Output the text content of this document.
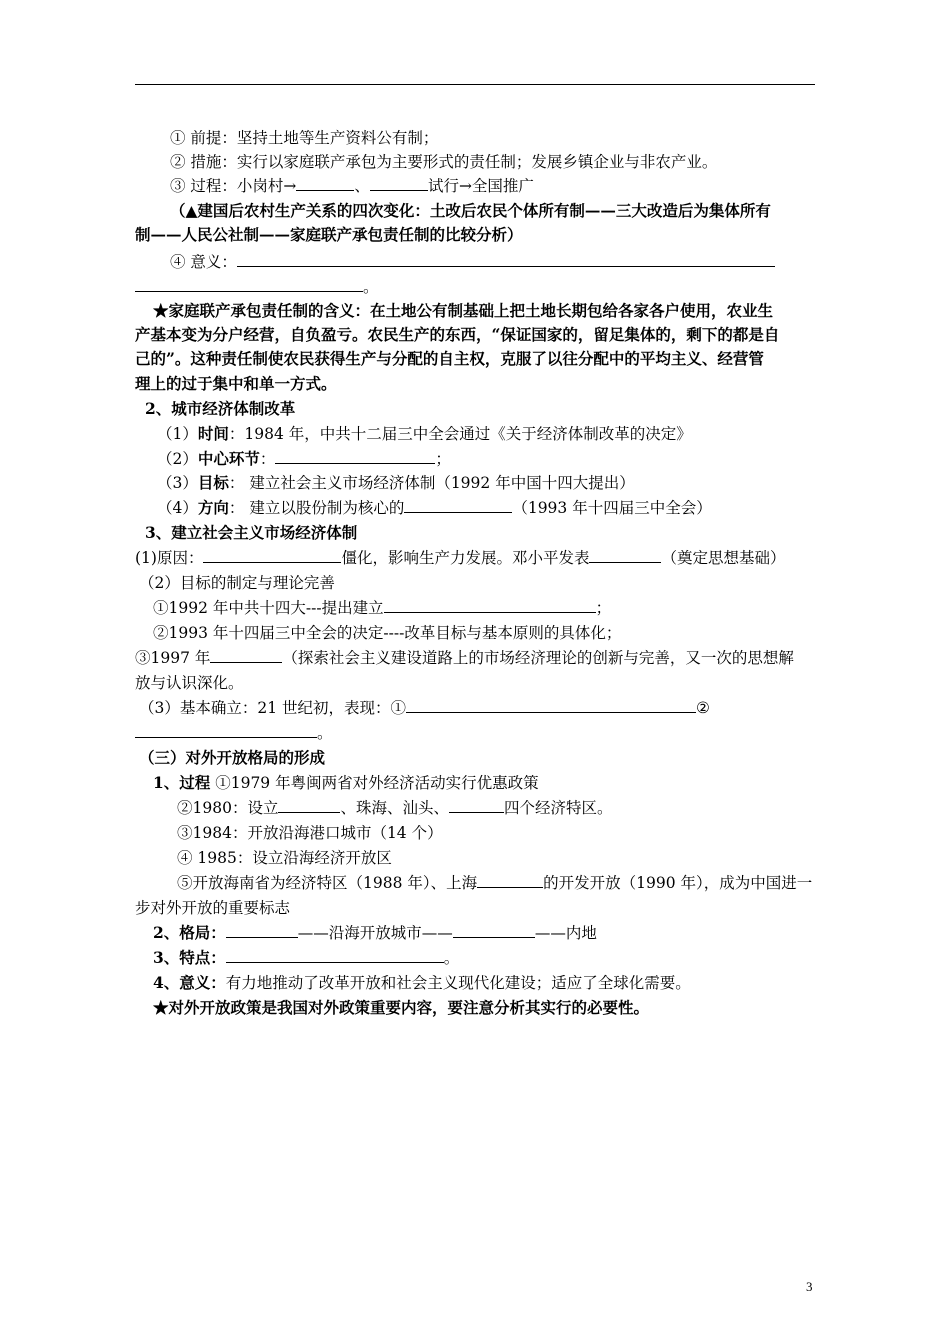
① 前提：坚持土地等生产资料公有制；
② 措施：实行以家庭联产承包为主要形式的责任制；发展乡镇企业与非农产业。
③ 过程：小岗村→	、	试行→全国推广
（▲建国后农村生产关系的四次变化：土改后农民个体所有制——三大改造后为集体所有
制——人民公社制——家庭联产承包责任制的比较分析）
④ 意义：
。
★家庭联产承包责任制的含义：在土地公有制基础上把土地长期包给各家各户使用，农业生
产基本变为分户经营，自负盈亏。农民生产的东西，“保证国家的，留足集体的，剩下的都是自
己的”。这种责任制使农民获得生产与分配的自主权，克服了以往分配中的平均主义、经营管
理上的过于集中和单一方式。
2、城市经济体制改革
（1）时间：1984 年，中共十二届三中全会通过《关于经济体制改革的决定》
（2）中心环节：	；
（3）目标： 建立社会主义市场经济体制（1992 年中国十四大提出）
（4）方向： 建立以股份制为核心的	（1993 年十四届三中全会）
3、建立社会主义市场经济体制
(1)原因：	僵化，影响生产力发展。邓小平发表	（奠定思想基础）
（2）目标的制定与理论完善
①1992 年中共十四大---提出建立	；
②1993 年十四届三中全会的决定----改革目标与基本原则的具体化；
③1997 年	（探索社会主义建设道路上的市场经济理论的创新与完善，又一次的思想解
放与认识深化。
（3）基本确立：21 世纪初，表现：①	②
。
（三）对外开放格局的形成
1、过程 ①1979 年粤闽两省对外经济活动实行优惠政策
②1980：设立	、珠海、汕头、	四个经济特区。
③1984：开放沿海港口城市（14 个）
④ 1985：设立沿海经济开放区
⑤开放海南省为经济特区（1988 年）、上海	的开发开放（1990 年），成为中国进一
步对外开放的重要标志
2、格局：	——沿海开放城市——	——内地
3、特点：	。
4、意义：有力地推动了改革开放和社会主义现代化建设；适应了全球化需要。
★对外开放政策是我国对外政策重要内容，要注意分析其实行的必要性。
3
